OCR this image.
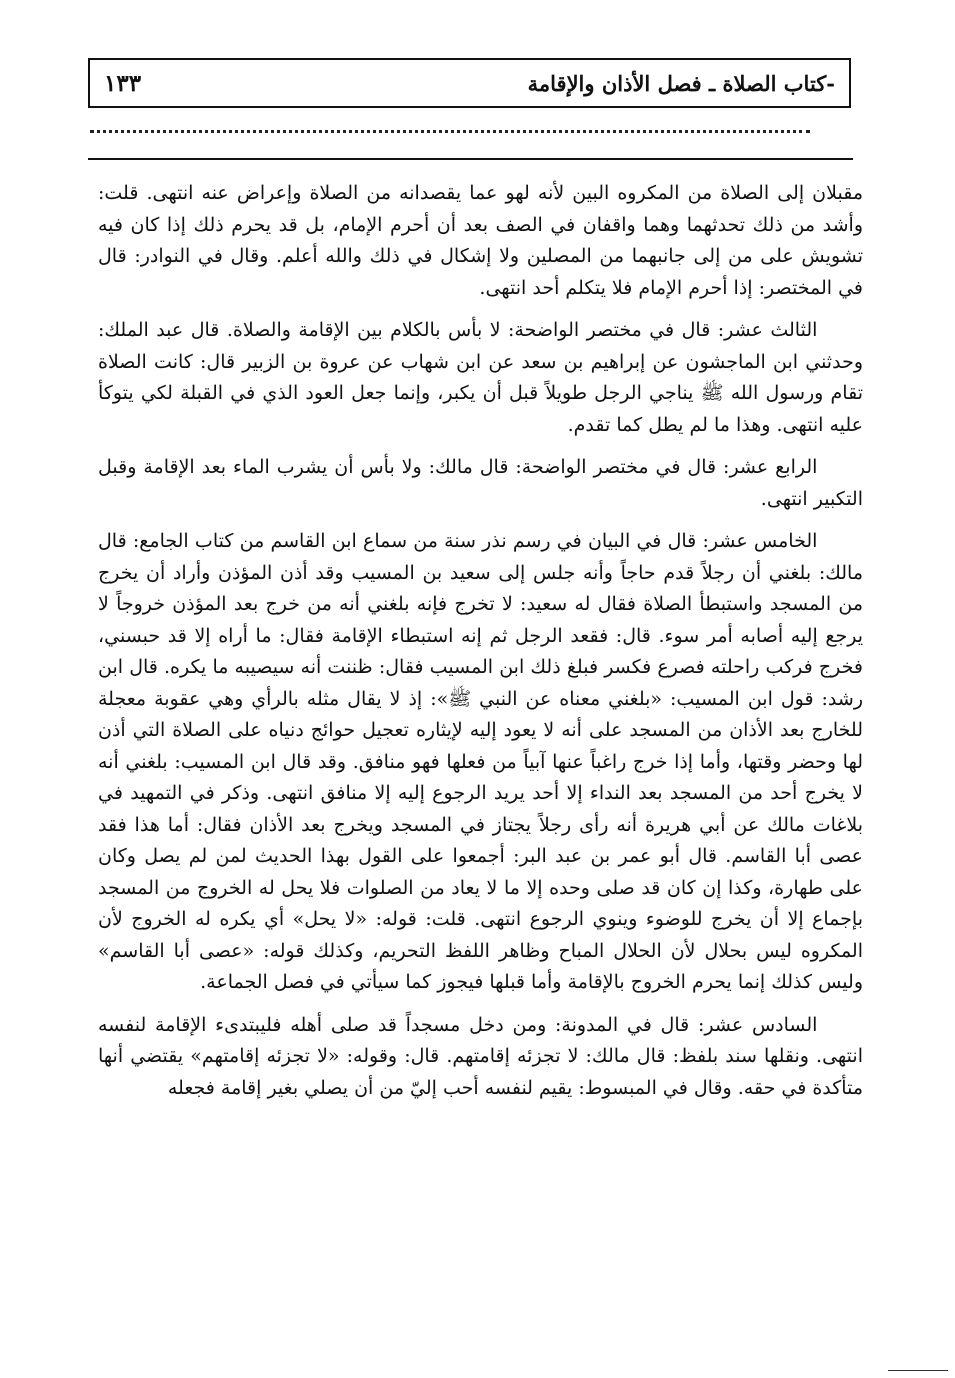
١٣٣	-كتاب الصلاة ـ فصل الأذان والإقامة

مقبلان إلى الصلاة من المكروه البين لأنه لهو عما يقصدانه من الصلاة وإعراض عنه انتهى. قلت: وأشد من ذلك تحدثهما وهما واقفان في الصف بعد أن أحرم الإمام، بل قد يحرم ذلك إذا كان فيه تشويش على من إلى جانبهما من المصلين ولا إشكال في ذلك والله أعلم. وقال في النوادر: قال في المختصر: إذا أحرم الإمام فلا يتكلم أحد انتهى.

الثالث عشر: قال في مختصر الواضحة: لا بأس بالكلام بين الإقامة والصلاة. قال عبد الملك: وحدثني ابن الماجشون عن إبراهيم بن سعد عن ابن شهاب عن عروة بن الزبير قال: كانت الصلاة تقام ورسول الله ﷺ يناجي الرجل طويلاً قبل أن يكبر، وإنما جعل العود الذي في القبلة لكي يتوكأ عليه انتهى. وهذا ما لم يطل كما تقدم.

الرابع عشر: قال في مختصر الواضحة: قال مالك: ولا بأس أن يشرب الماء بعد الإقامة وقبل التكبير انتهى.

الخامس عشر: قال في البيان في رسم نذر سنة من سماع ابن القاسم من كتاب الجامع: قال مالك: بلغني أن رجلاً قدم حاجاً وأنه جلس إلى سعيد بن المسيب وقد أذن المؤذن وأراد أن يخرج من المسجد واستبطأ الصلاة فقال له سعيد: لا تخرج فإنه بلغني أنه من خرج بعد المؤذن خروجاً لا يرجع إليه أصابه أمر سوء. قال: فقعد الرجل ثم إنه استبطاء الإقامة فقال: ما أراه إلا قد حبسني، فخرج فركب راحلته فصرع فكسر فبلغ ذلك ابن المسيب فقال: ظننت أنه سيصيبه ما يكره. قال ابن رشد: قول ابن المسيب: «بلغني معناه عن النبي ﷺ»: إذ لا يقال مثله بالرأي وهي عقوبة معجلة للخارج بعد الأذان من المسجد على أنه لا يعود إليه لإيثاره تعجيل حوائج دنياه على الصلاة التي أذن لها وحضر وقتها، وأما إذا خرج راغباً عنها آبياً من فعلها فهو منافق. وقد قال ابن المسيب: بلغني أنه لا يخرج أحد من المسجد بعد النداء إلا أحد يريد الرجوع إليه إلا منافق انتهى. وذكر في التمهيد في بلاغات مالك عن أبي هريرة أنه رأى رجلاً يجتاز في المسجد ويخرج بعد الأذان فقال: أما هذا فقد عصى أبا القاسم. قال أبو عمر بن عبد البر: أجمعوا على القول بهذا الحديث لمن لم يصل وكان على طهارة، وكذا إن كان قد صلى وحده إلا ما لا يعاد من الصلوات فلا يحل له الخروج من المسجد بإجماع إلا أن يخرج للوضوء وينوي الرجوع انتهى. قلت: قوله: «لا يحل» أي يكره له الخروج لأن المكروه ليس بحلال لأن الحلال المباح وظاهر اللفظ التحريم، وكذلك قوله: «عصى أبا القاسم» وليس كذلك إنما يحرم الخروج بالإقامة وأما قبلها فيجوز كما سيأتي في فصل الجماعة.

السادس عشر: قال في المدونة: ومن دخل مسجداً قد صلى أهله فليبتدىء الإقامة لنفسه انتهى. ونقلها سند بلفظ: قال مالك: لا تجزئه إقامتهم. قال: وقوله: «لا تجزئه إقامتهم» يقتضي أنها متأكدة في حقه. وقال في المبسوط: يقيم لنفسه أحب إليّ من أن يصلي بغير إقامة فجعله
